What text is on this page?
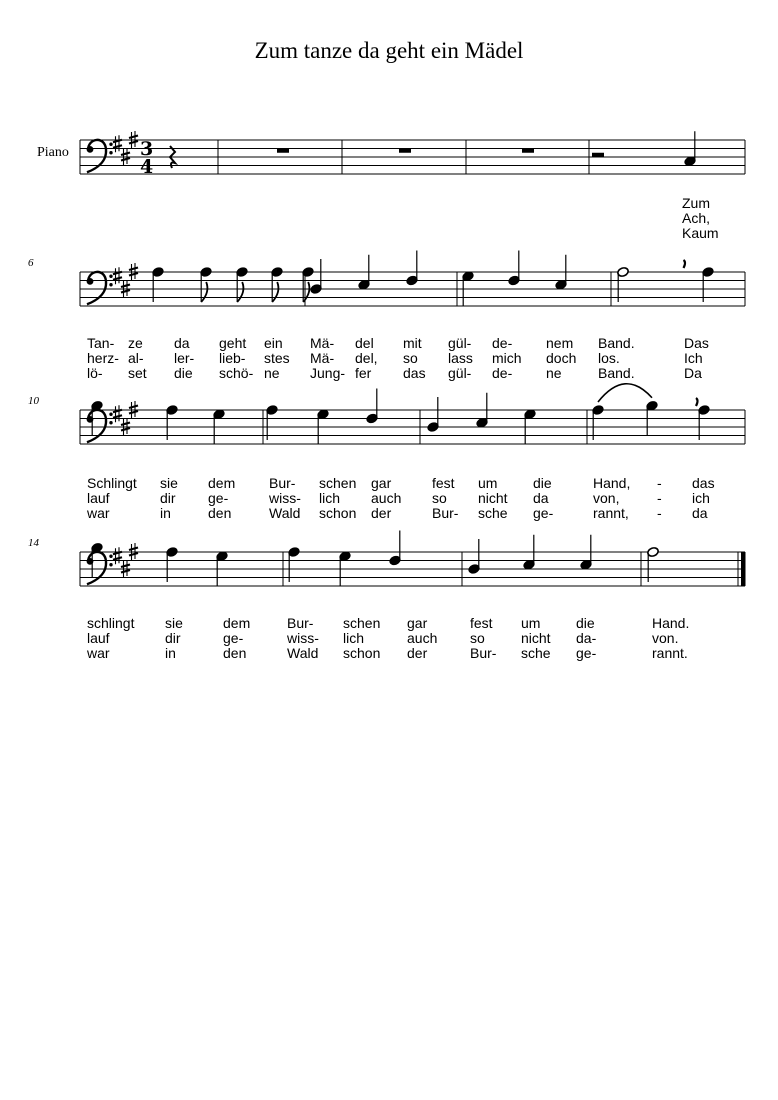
Zum tanze da geht ein Mädel
Piano	3
4
Zum
Ach,
Kaum
6
Tan- ze da geht ein Mä- del mit gül- de- nem Band.	Das
herz- al- ler- lieb- stes Mä- del, so lass mich doch los.	Ich
lö- set die schö- ne Jung- fer das gül- de- ne	Band.	Da
10
Schlingt sie dem Bur- schen gar	fest um	die	Hand, - das
lauf	dir ge-	wiss- lich auch so nicht da	von,	- ich
war	in	den	Wald schon der	Bur- sche ge-	rannt, - da
14
schlingt sie	dem	Bur- schen gar	fest um	die	Hand.
lauf	dir	ge-	wiss- lich	auch so	nicht da-	von.
war	in	den	Wald schon der	Bur- sche ge-	rannt.
